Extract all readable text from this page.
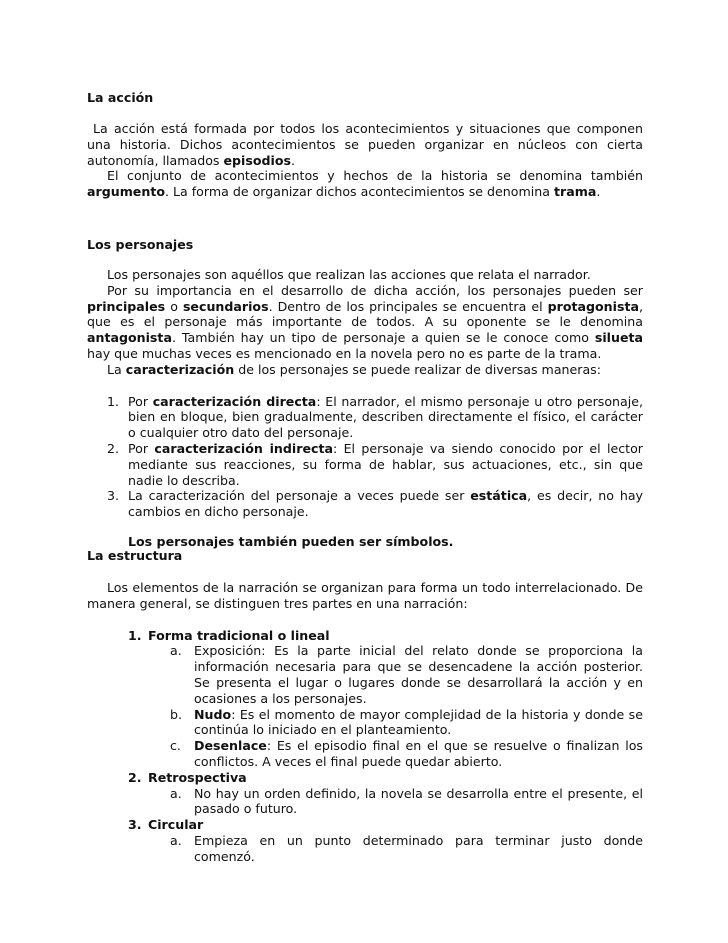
La acción

La acción está formada por todos los acontecimientos y situaciones que componen una historia. Dichos acontecimientos se pueden organizar en núcleos con cierta autonomía, llamados episodios.

El conjunto de acontecimientos y hechos de la historia se denomina también argumento. La forma de organizar dichos acontecimientos se denomina trama.

Los personajes

Los personajes son aquéllos que realizan las acciones que relata el narrador.

Por su importancia en el desarrollo de dicha acción, los personajes pueden ser principales o secundarios. Dentro de los principales se encuentra el protagonista, que es el personaje más importante de todos. A su oponente se le denomina antagonista. También hay un tipo de personaje a quien se le conoce como silueta hay que muchas veces es mencionado en la novela pero no es parte de la trama.

La caracterización de los personajes se puede realizar de diversas maneras:

1. Por caracterización directa: El narrador, el mismo personaje u otro personaje, bien en bloque, bien gradualmente, describen directamente el físico, el carácter o cualquier otro dato del personaje.
2. Por caracterización indirecta: El personaje va siendo conocido por el lector mediante sus reacciones, su forma de hablar, sus actuaciones, etc., sin que nadie lo describa.
3. La caracterización del personaje a veces puede ser estática, es decir, no hay cambios en dicho personaje.

Los personajes también pueden ser símbolos.

La estructura

Los elementos de la narración se organizan para forma un todo interrelacionado. De manera general, se distinguen tres partes en una narración:

1. Forma tradicional o lineal
a. Exposición: Es la parte inicial del relato donde se proporciona la información necesaria para que se desencadene la acción posterior. Se presenta el lugar o lugares donde se desarrollará la acción y en ocasiones a los personajes.
b. Nudo: Es el momento de mayor complejidad de la historia y donde se continúa lo iniciado en el planteamiento.
c. Desenlace: Es el episodio final en el que se resuelve o finalizan los conflictos. A veces el final puede quedar abierto.
2. Retrospectiva
a. No hay un orden definido, la novela se desarrolla entre el presente, el pasado o futuro.
3. Circular
a. Empieza en un punto determinado para terminar justo donde comenzó.
